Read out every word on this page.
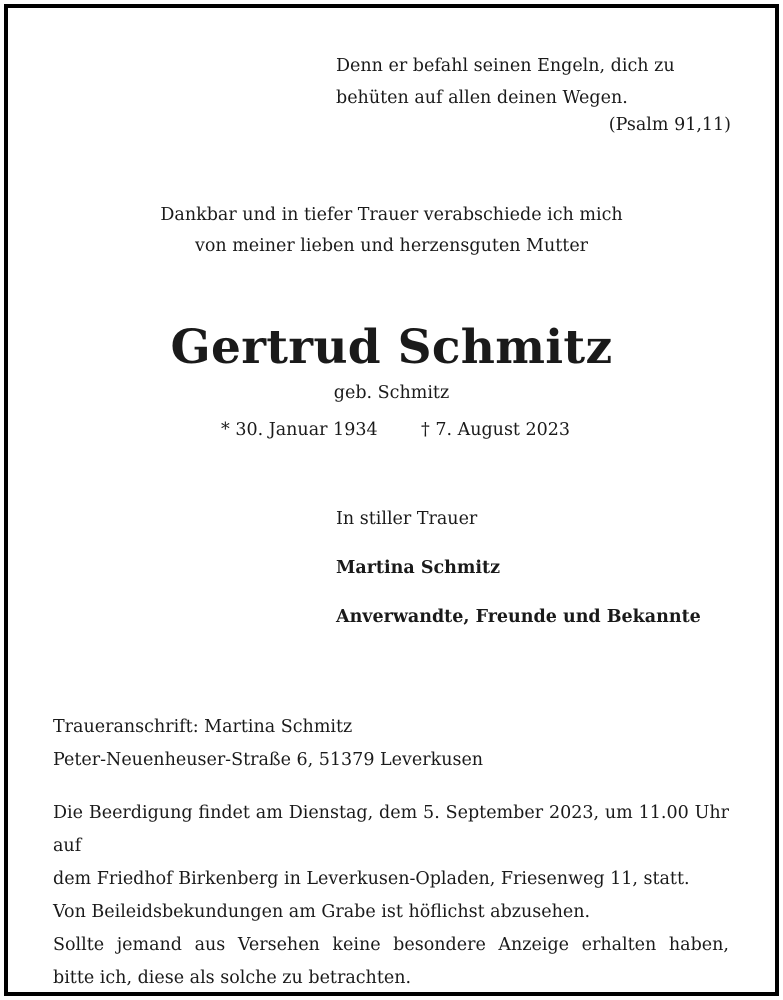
Denn er befahl seinen Engeln, dich zu
behüten auf allen deinen Wegen.
(Psalm 91,11)
Dankbar und in tiefer Trauer verabschiede ich mich
von meiner lieben und herzensguten Mutter
Gertrud Schmitz
geb. Schmitz
* 30. Januar 1934 † 7. August 2023
In stiller Trauer
Martina Schmitz
Anverwandte, Freunde und Bekannte
Traueranschrift: Martina Schmitz
Peter-Neuenheuser-Straße 6, 51379 Leverkusen
Die Beerdigung findet am Dienstag, dem 5. September 2023, um 11.00 Uhr auf
dem Friedhof Birkenberg in Leverkusen-Opladen, Friesenweg 11, statt.
Von Beileidsbekundungen am Grabe ist höflichst abzusehen.
Sollte jemand aus Versehen keine besondere Anzeige erhalten haben,
bitte ich, diese als solche zu betrachten.
